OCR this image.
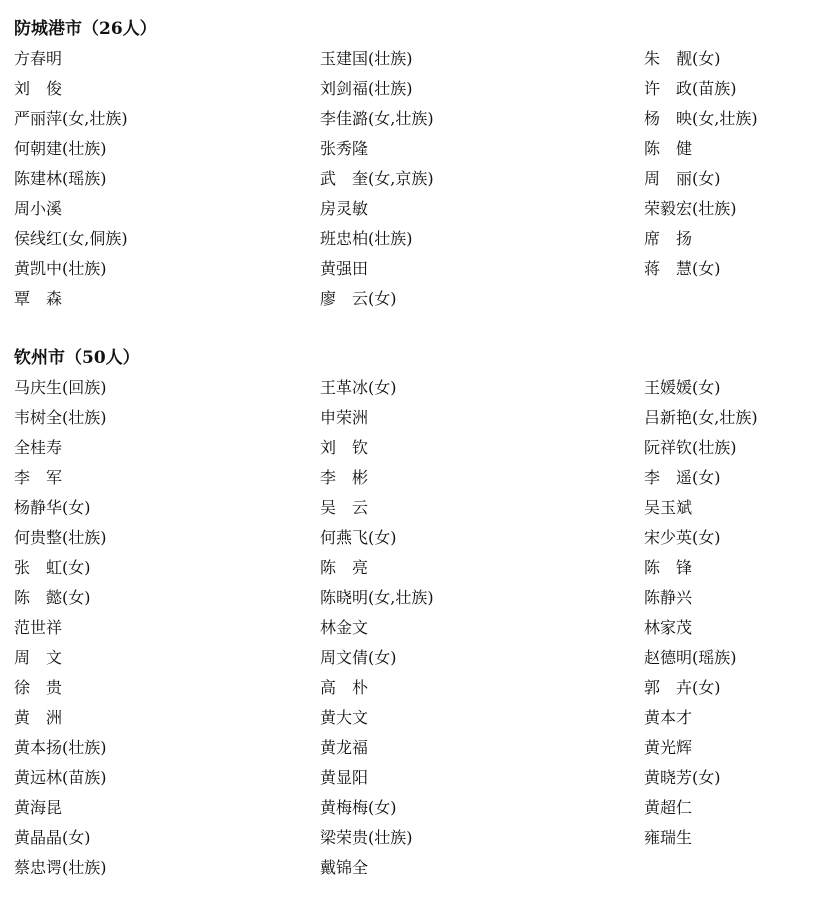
防城港市（26人）
方春明	玉建国(壮族)	朱　靓(女)
刘　俊	刘剑福(壮族)	许　政(苗族)
严丽萍(女,壮族)	李佳潞(女,壮族)	杨　映(女,壮族)
何朝建(壮族)	张秀隆	陈　健
陈建林(瑶族)	武　奎(女,京族)	周　丽(女)
周小溪	房灵敏	荣毅宏(壮族)
侯线红(女,侗族)	班忠柏(壮族)	席　扬
黄凯中(壮族)	黄强田	蒋　慧(女)
覃　森	廖　云(女)
钦州市（50人）
马庆生(回族)	王革冰(女)	王媛媛(女)
韦树全(壮族)	申荣洲	吕新艳(女,壮族)
全桂寿	刘　钦	阮祥钦(壮族)
李　军	李　彬	李　遥(女)
杨静华(女)	吴　云	吴玉斌
何贵整(壮族)	何燕飞(女)	宋少英(女)
张　虹(女)	陈　亮	陈　锋
陈　懿(女)	陈晓明(女,壮族)	陈静兴
范世祥	林金文	林家茂
周　文	周文倩(女)	赵德明(瑶族)
徐　贵	高　朴	郭　卉(女)
黄　洲	黄大文	黄本才
黄本扬(壮族)	黄龙福	黄光辉
黄远林(苗族)	黄显阳	黄晓芳(女)
黄海昆	黄梅梅(女)	黄超仁
黄晶晶(女)	梁荣贵(壮族)	雍瑞生
蔡忠谔(壮族)	戴锦全
